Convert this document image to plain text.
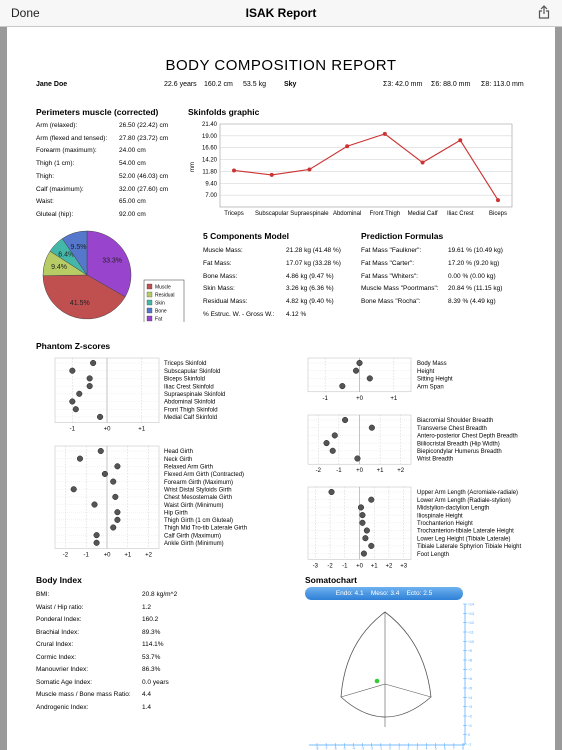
Done	ISAK Report
BODY COMPOSITION REPORT
Jane Doe	22.6 years 160.2 cm 53.5 kg	Sky	Σ3: 42.0 mm Σ6: 88.0 mm Σ8: 113.0 mm
Perimeters muscle (corrected)
Arm (relaxed):	26.50 (22.42) cm
Arm (flexed and tensed): 27.80 (23.72) cm
Forearm (maximum):	24.00 cm
Thigh (1 cm):	54.00 cm
Thigh:	52.00 (46.03) cm
Calf (maximum):	32.00 (27.60) cm
Waist:	65.00 cm
Gluteal (hip):	92.00 cm
Skinfolds graphic
21.40
19.00
16.60
14.20
11.80
9.40
7.00
mm
Triceps Subscapular Supraespinale Abdominal Front Thigh Medial Calf Iliac Crest	Biceps
33.3%
41.5%
9.4%
6.4%
9.5%
Muscle
Residual
Skin
Bone
Fat
5 Components Model
Muscle Mass:	21.28 kg (41.48 %)
Fat Mass:	17.07 kg (33.28 %)
Bone Mass:	4.86 kg (9.47 %)
Skin Mass:	3.26 kg (6.36 %)
Residual Mass:	4.82 kg (9.40 %)
% Estruc. W. - Gross W.: 4.12 %
Prediction Formulas
Fat Mass "Faulkner":	19.61 % (10.49 kg)
Fat Mass "Carter":	17.20 % (9.20 kg)
Fat Mass "Whiters":	0.00 % (0.00 kg)
Muscle Mass "Poortmans": 20.84 % (11.15 kg)
Bone Mass "Rocha":	8.39 % (4.49 kg)
Phantom Z-scores
-1	+0	+1
Triceps Skinfold
Subscapular Skinfold
Biceps Skinfold
Iliac Crest Skinfold
Supraespinale Skinfold
Abdominal Skinfold
Front Thigh Skinfold
Medial Calf Skinfold
-1	+0	+1
Body Mass
Height
Sitting Height
Arm Span
-2	-1 +0 +1 +2
Head Girth
Neck Girth
Relaxed Arm Girth
Flexed Arm Girth (Contracted)
Forearm Girth (Maximum)
Wrist Distal Styloids Girth
Chest Mesosternale Girth
Waist Girth (Minimum)
Hip Girth
Thigh Girth (1 cm Gluteal)
Thigh Mid Tro-tib Laterale Girth
Calf Girth (Maximum)
Ankle Girth (Minimum)
-2	-1 +0 +1 +2
Biacromial Shoulder Breadth
Transverse Chest Breadth
Antero-posterior Chest Depth Breadth
Biiliocristal Breadth (Hip Width)
Biepicondylar Humerus Breadth
Wrist Breadth
-3 -2 -1 +0 +1 +2 +3
Upper Arm Length (Acromiale-radiale)
Lower Arm Length (Radiale-stylion)
Midstylion-dactylion Length
Iliospinale Height
Trochanterion Height
Trochanterion-tibiale Laterale Height
Lower Leg Height (Tibiale Laterale)
Tibiale Laterale Sphyrion Tibiale Height
Foot Length
Body Index
BMI:	20.8 kg/m^2
Waist / Hip ratio:	1.2
Ponderal Index:	160.2
Brachial Index:	89.3%
Crural Index:	114.1%
Cormic Index:	53.7%
Manouvrier Index:	86.3%
Somatic Age Index:	0.0 years
Muscle mass / Bone mass Ratio: 4.4
Androgenic Index:	1.4
Somatochart
Endo: 4.1 Meso: 3.4 Ecto: 2.5
+14
+13
+12
+11
+10
+9
+8
+7
+6
+5
+4
+3
+2
+1
0
-1
-8 -7 -6 -5 -4 -3 -2 -1 0 1 2 3 4 5 6 7 8
